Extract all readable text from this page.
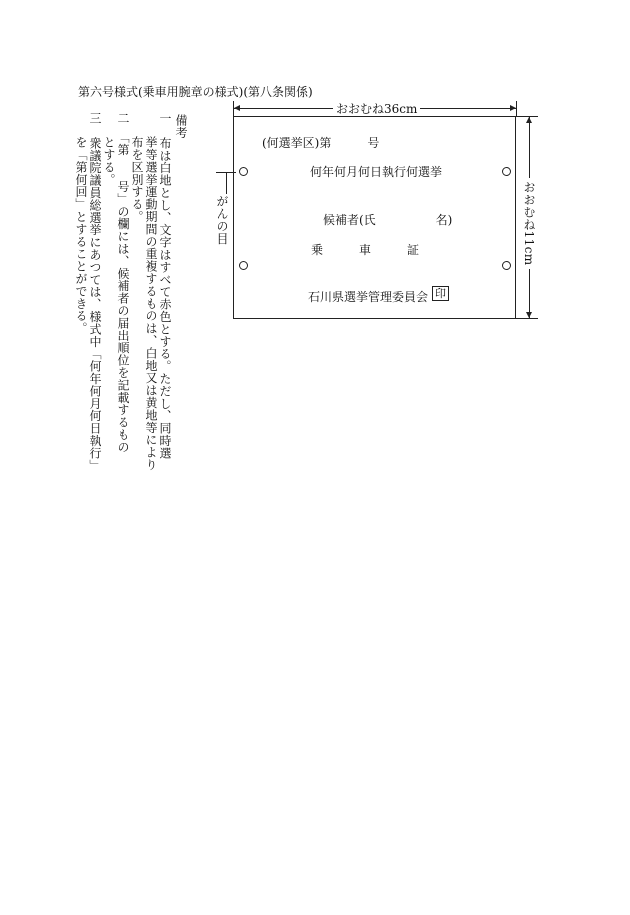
第六号様式(乗車用腕章の様式)(第八条関係)
備考
一　布は白地とし、文字はすべて赤色とする。ただし、同時選
挙等選挙運動期間の重複するものは、白地又は黄地等により
布を区別する。
二　「第　　号」の欄には、候補者の届出順位を記載するもの
とする。
三　衆議院議員総選挙にあつては、様式中「何年何月何日執行」
を「第何回」とすることができる。
おおむね36cm
おおむね11cm
がんの目
(何選挙区)第　　　号
何年何月何日執行何選挙
候補者(氏　　　　　名)
乗　　　車　　　証
石川県選挙管理委員会 印
